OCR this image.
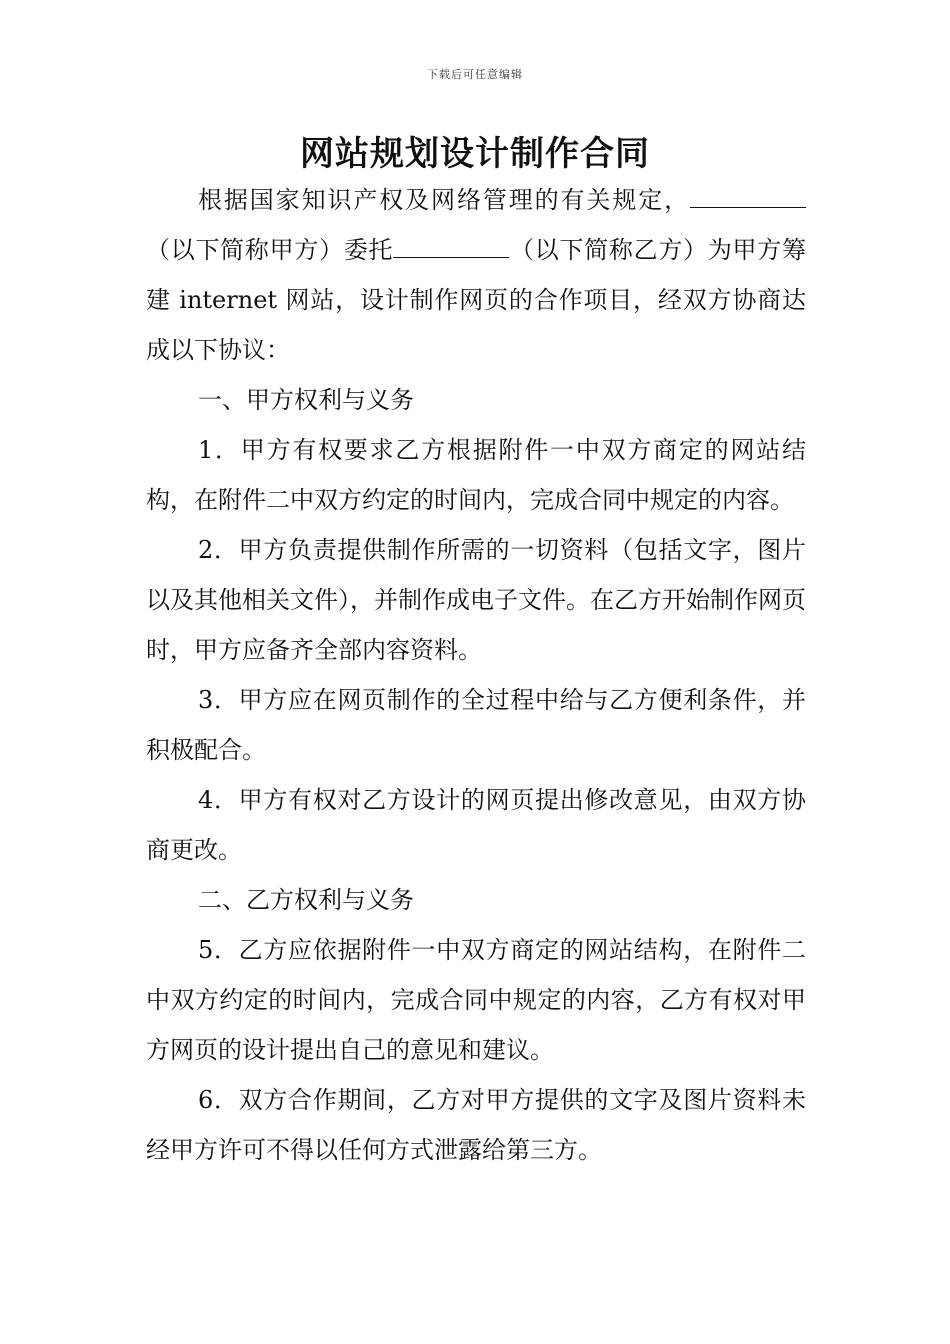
下载后可任意编辑
网站规划设计制作合同

根据国家知识产权及网络管理的有关规定，（以下简称甲方）委托	（以下简称乙方）为甲方筹建 internet 网站，设计制作网页的合作项目，经双方协商达成以下协议：

一、甲方权利与义务

1．甲方有权要求乙方根据附件一中双方商定的网站结构，在附件二中双方约定的时间内，完成合同中规定的内容。

2．甲方负责提供制作所需的一切资料（包括文字，图片以及其他相关文件），并制作成电子文件。在乙方开始制作网页时，甲方应备齐全部内容资料。

3．甲方应在网页制作的全过程中给与乙方便利条件，并积极配合。

4．甲方有权对乙方设计的网页提出修改意见，由双方协商更改。

二、乙方权利与义务

5．乙方应依据附件一中双方商定的网站结构，在附件二中双方约定的时间内，完成合同中规定的内容，乙方有权对甲方网页的设计提出自己的意见和建议。

6．双方合作期间，乙方对甲方提供的文字及图片资料未经甲方许可不得以任何方式泄露给第三方。
